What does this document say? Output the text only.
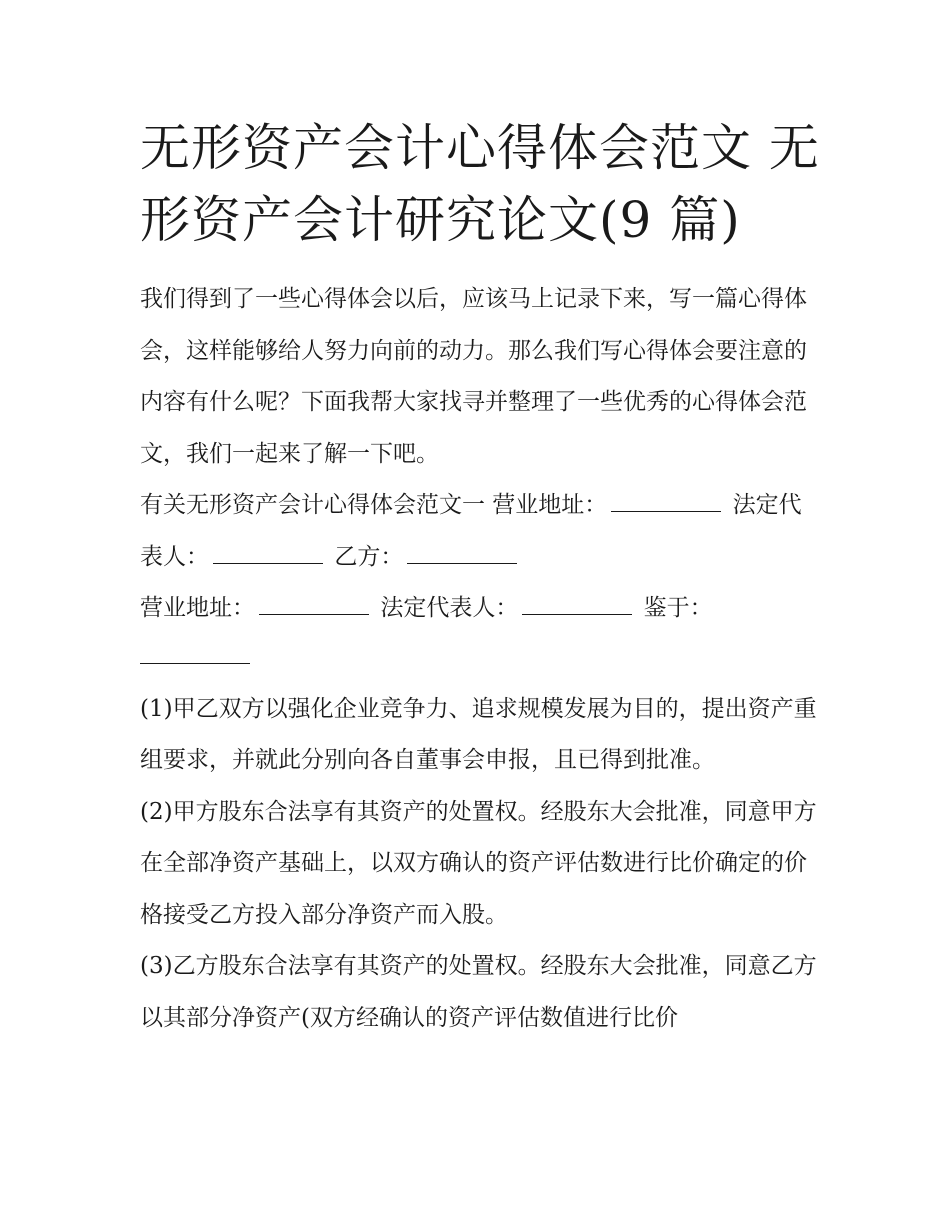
无形资产会计心得体会范文 无形资产会计研究论文(9 篇)

我们得到了一些心得体会以后，应该马上记录下来，写一篇心得体会，这样能够给人努力向前的动力。那么我们写心得体会要注意的内容有什么呢？下面我帮大家找寻并整理了一些优秀的心得体会范文，我们一起来了解一下吧。

有关无形资产会计心得体会范文一 营业地址：	法定代表人：	乙方：

营业地址：	法定代表人：	鉴于：

(1)甲乙双方以强化企业竞争力、追求规模发展为目的，提出资产重组要求，并就此分别向各自董事会申报，且已得到批准。

(2)甲方股东合法享有其资产的处置权。经股东大会批准，同意甲方在全部净资产基础上，以双方确认的资产评估数进行比价确定的价格接受乙方投入部分净资产而入股。

(3)乙方股东合法享有其资产的处置权。经股东大会批准，同意乙方以其部分净资产(双方经确认的资产评估数值进行比价
